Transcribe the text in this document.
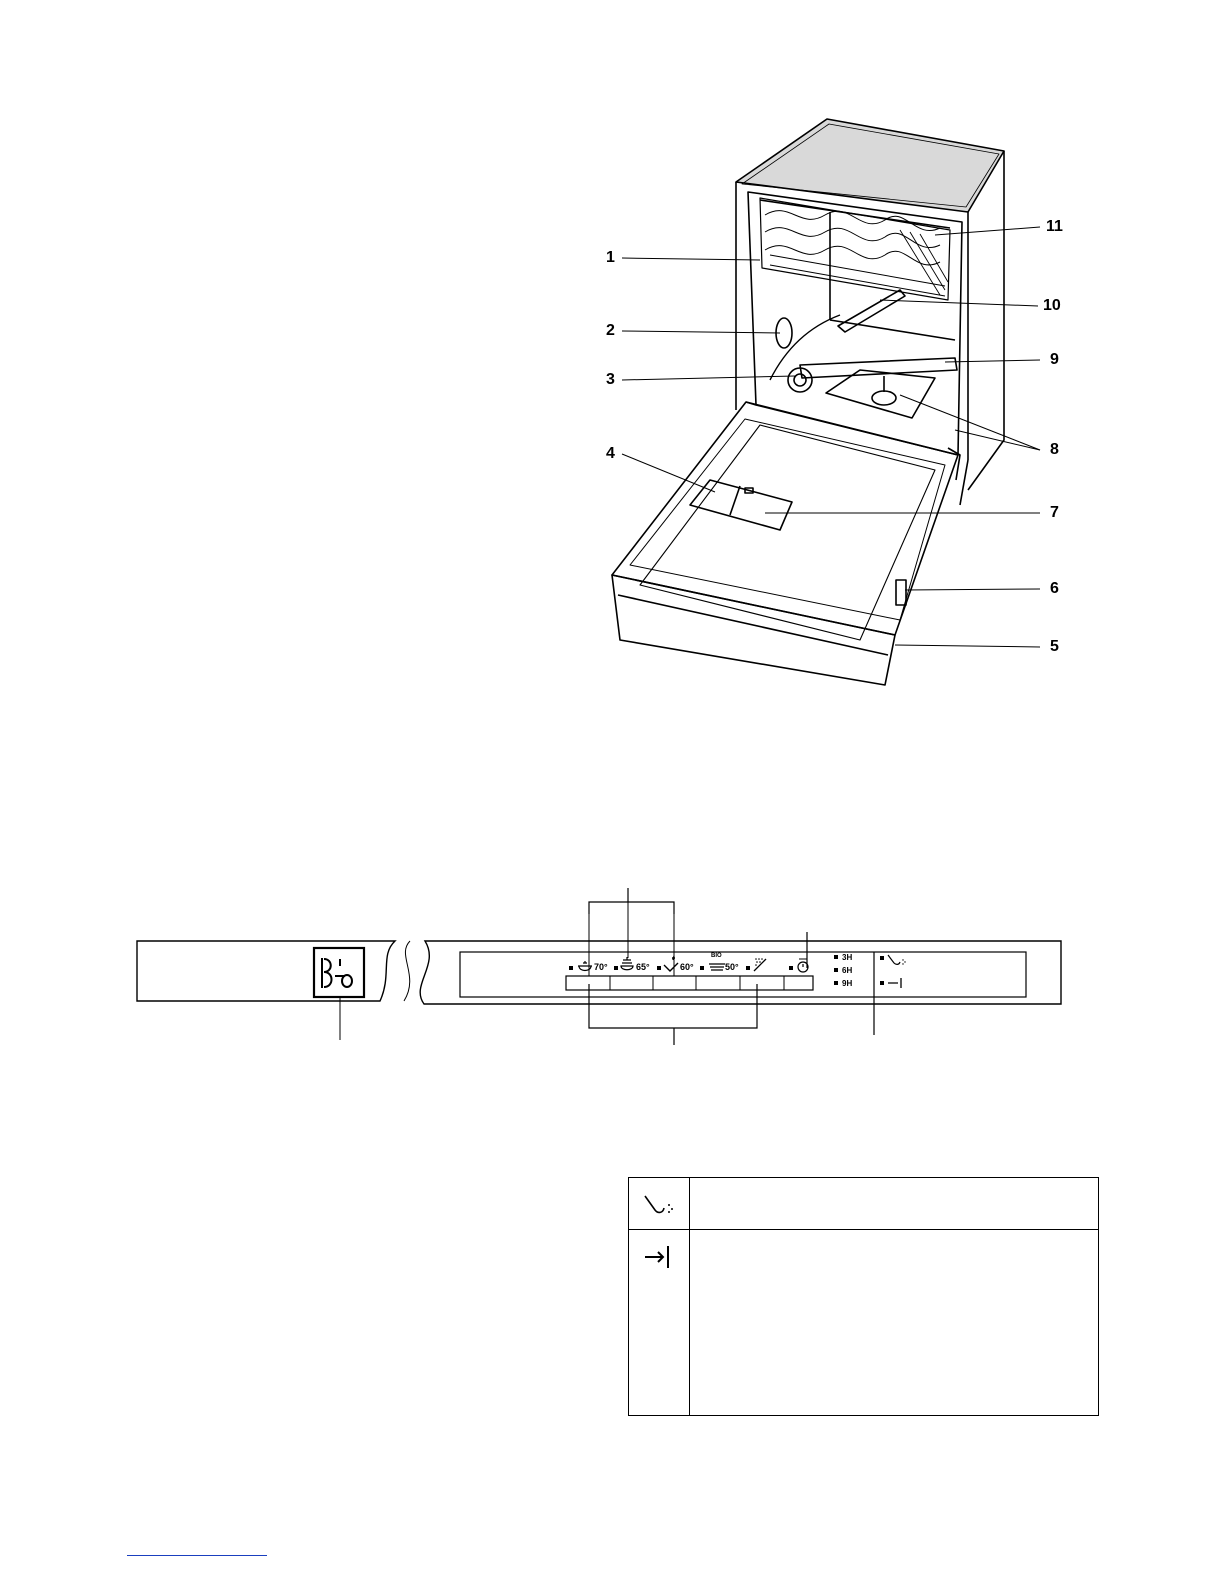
1
2
3
4
5
6
7
8
9
10
11
70°	65°	60°
BIO
50°
3H
6H
9H
